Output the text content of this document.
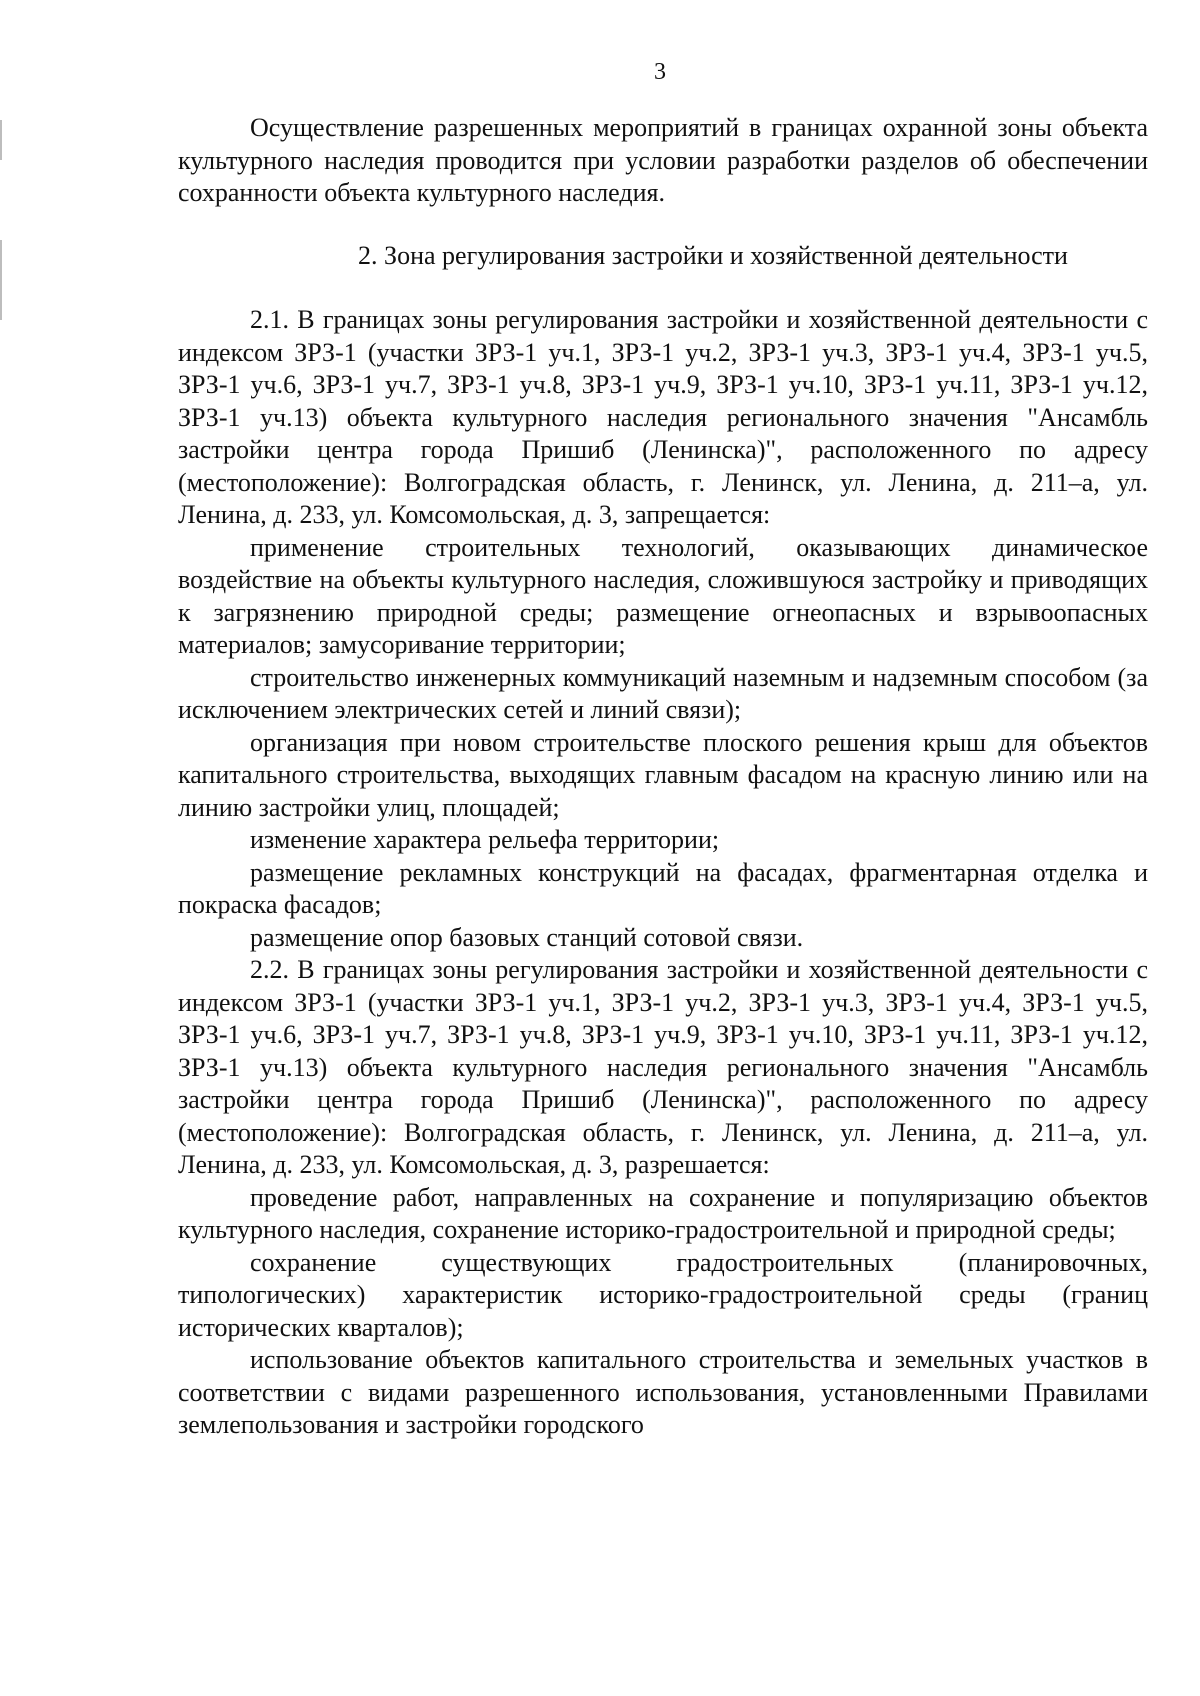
3

Осуществление разрешенных мероприятий в границах охранной зоны объекта культурного наследия проводится при условии разработки разделов об обеспечении сохранности объекта культурного наследия.

2. Зона регулирования застройки и хозяйственной деятельности

2.1. В границах зоны регулирования застройки и хозяйственной деятельности с индексом ЗРЗ-1 (участки ЗРЗ-1 уч.1, ЗРЗ-1 уч.2, ЗРЗ-1 уч.3, ЗРЗ-1 уч.4, ЗРЗ-1 уч.5, ЗРЗ-1 уч.6, ЗРЗ-1 уч.7, ЗРЗ-1 уч.8, ЗРЗ-1 уч.9, ЗРЗ-1 уч.10, ЗРЗ-1 уч.11, ЗРЗ-1 уч.12, ЗРЗ-1 уч.13) объекта культурного наследия регионального значения "Ансамбль застройки центра города Пришиб (Ленинска)", расположенного по адресу (местоположение): Волгоградская область, г. Ленинск, ул. Ленина, д. 211–а, ул. Ленина, д. 233, ул. Комсомольская, д. 3, запрещается:

применение строительных технологий, оказывающих динамическое воздействие на объекты культурного наследия, сложившуюся застройку и приводящих к загрязнению природной среды; размещение огнеопасных и взрывоопасных материалов; замусоривание территории;

строительство инженерных коммуникаций наземным и надземным способом (за исключением электрических сетей и линий связи);

организация при новом строительстве плоского решения крыш для объектов капитального строительства, выходящих главным фасадом на красную линию или на линию застройки улиц, площадей;

изменение характера рельефа территории;

размещение рекламных конструкций на фасадах, фрагментарная отделка и покраска фасадов;

размещение опор базовых станций сотовой связи.

2.2. В границах зоны регулирования застройки и хозяйственной деятельности с индексом ЗРЗ-1 (участки ЗРЗ-1 уч.1, ЗРЗ-1 уч.2, ЗРЗ-1 уч.3, ЗРЗ-1 уч.4, ЗРЗ-1 уч.5, ЗРЗ-1 уч.6, ЗРЗ-1 уч.7, ЗРЗ-1 уч.8, ЗРЗ-1 уч.9, ЗРЗ-1 уч.10, ЗРЗ-1 уч.11, ЗРЗ-1 уч.12, ЗРЗ-1 уч.13) объекта культурного наследия регионального значения "Ансамбль застройки центра города Пришиб (Ленинска)", расположенного по адресу (местоположение): Волгоградская область, г. Ленинск, ул. Ленина, д. 211–а, ул. Ленина, д. 233, ул. Комсомольская, д. 3, разрешается:

проведение работ, направленных на сохранение и популяризацию объектов культурного наследия, сохранение историко-градостроительной и природной среды;

сохранение существующих градостроительных (планировочных, типологических) характеристик историко-градостроительной среды (границ исторических кварталов);

использование объектов капитального строительства и земельных участков в соответствии с видами разрешенного использования, установленными Правилами землепользования и застройки городского
